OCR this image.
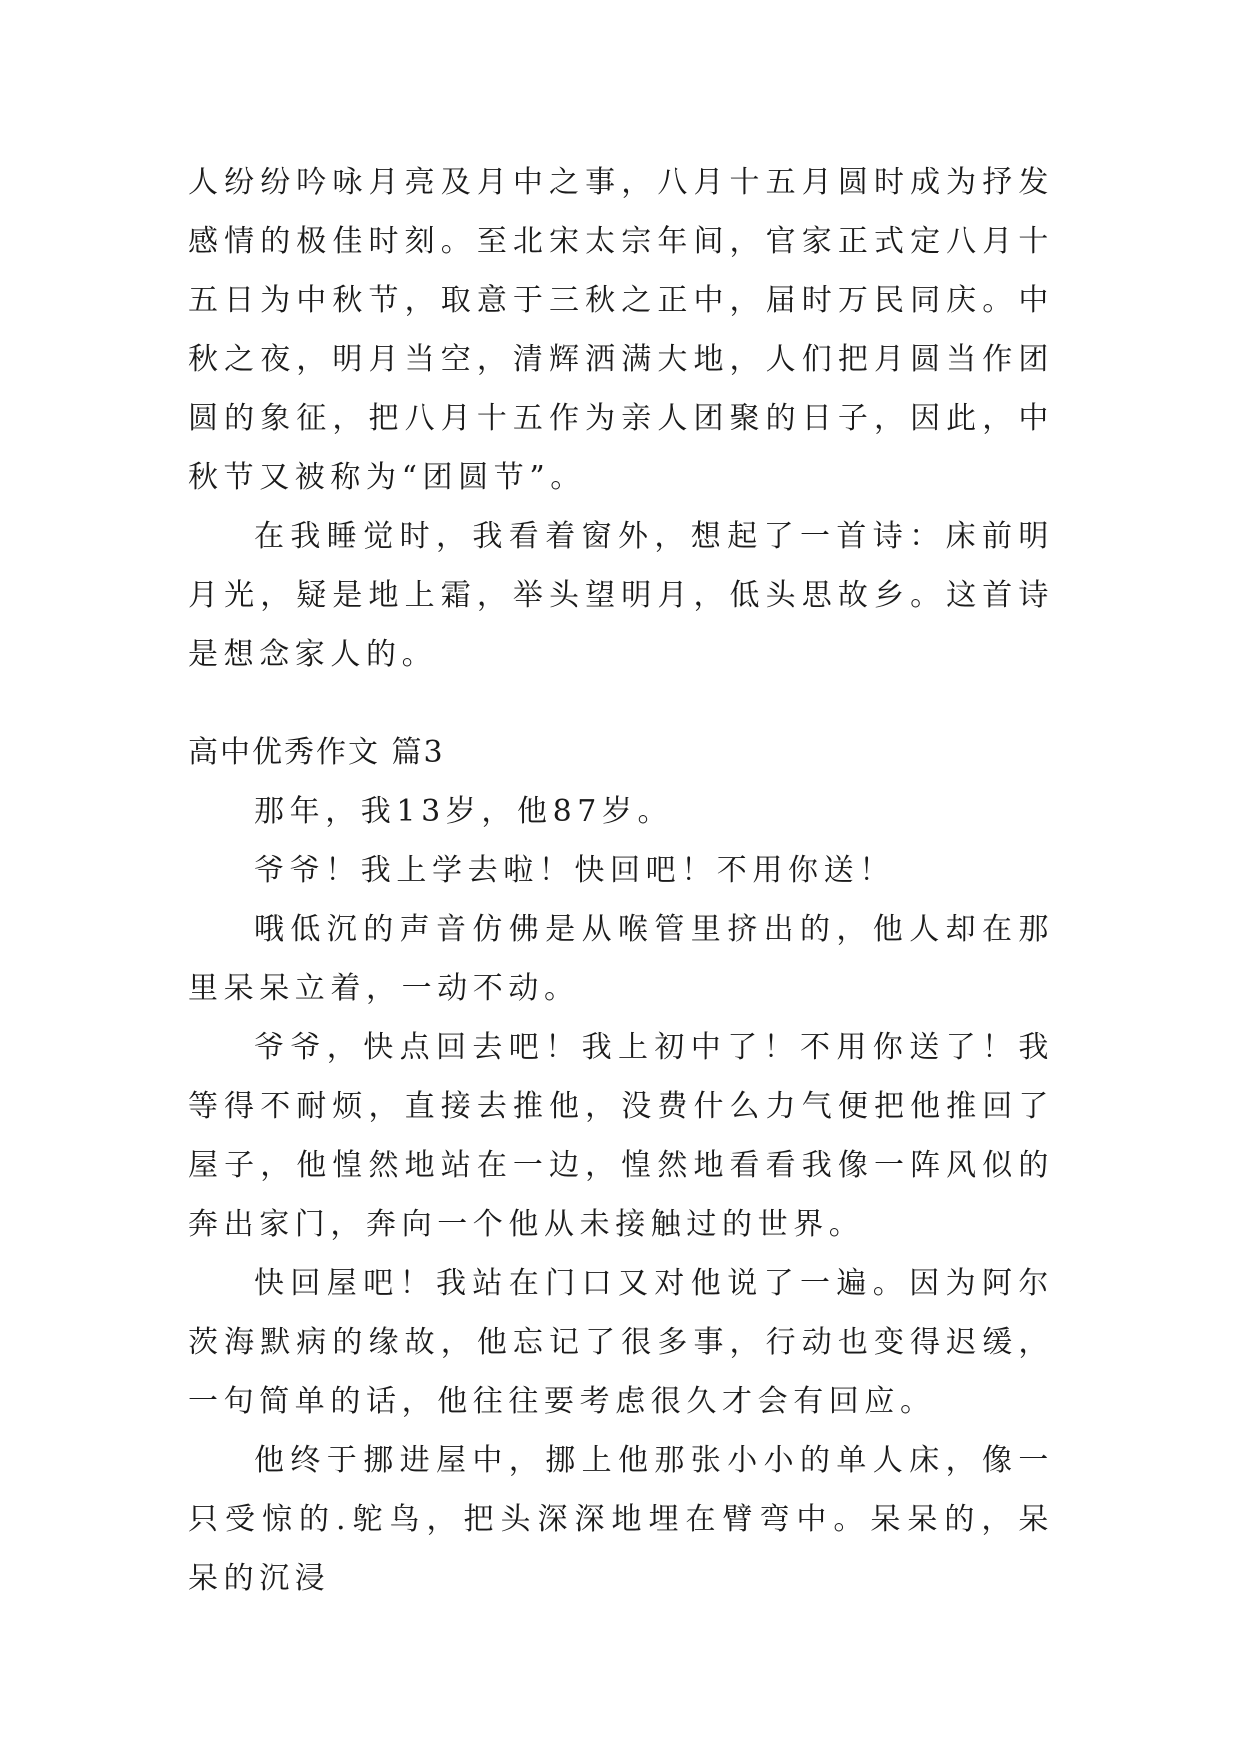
人纷纷吟咏月亮及月中之事，八月十五月圆时成为抒发感情的极佳时刻。至北宋太宗年间，官家正式定八月十五日为中秋节，取意于三秋之正中，届时万民同庆。中秋之夜，明月当空，清辉洒满大地，人们把月圆当作团圆的象征，把八月十五作为亲人团聚的日子，因此，中秋节又被称为“团圆节”。

在我睡觉时，我看着窗外，想起了一首诗：床前明月光，疑是地上霜，举头望明月，低头思故乡。这首诗是想念家人的。

高中优秀作文 篇3

那年，我13岁，他87岁。

爷爷！我上学去啦！快回吧！不用你送！

哦低沉的声音仿佛是从喉管里挤出的，他人却在那里呆呆立着，一动不动。

爷爷，快点回去吧！我上初中了！不用你送了！我等得不耐烦，直接去推他，没费什么力气便把他推回了屋子，他惶然地站在一边，惶然地看看我像一阵风似的奔出家门，奔向一个他从未接触过的世界。

快回屋吧！我站在门口又对他说了一遍。因为阿尔茨海默病的缘故，他忘记了很多事，行动也变得迟缓，一句简单的话，他往往要考虑很久才会有回应。

他终于挪进屋中，挪上他那张小小的单人床，像一只受惊的.鸵鸟，把头深深地埋在臂弯中。呆呆的，呆呆的沉浸
